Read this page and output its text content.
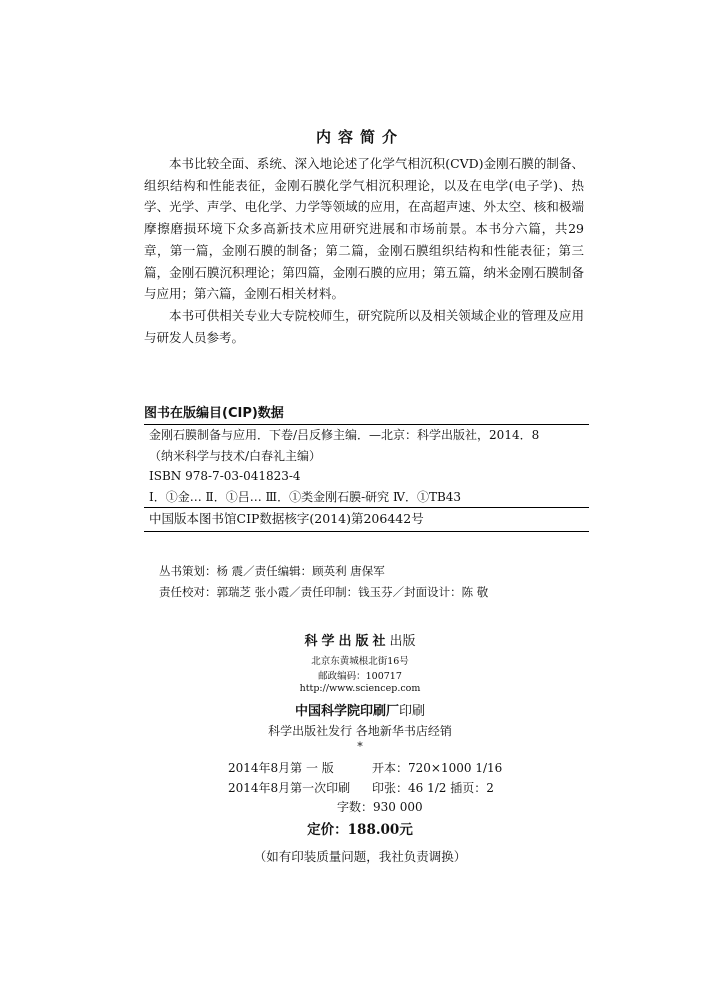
内容简介

本书比较全面、系统、深入地论述了化学气相沉积(CVD)金刚石膜的制备、组织结构和性能表征，金刚石膜化学气相沉积理论，以及在电学(电子学)、热学、光学、声学、电化学、力学等领域的应用，在高超声速、外太空、核和极端摩擦磨损环境下众多高新技术应用研究进展和市场前景。本书分六篇，共29章，第一篇，金刚石膜的制备；第二篇，金刚石膜组织结构和性能表征；第三篇，金刚石膜沉积理论；第四篇，金刚石膜的应用；第五篇，纳米金刚石膜制备与应用；第六篇，金刚石相关材料。

本书可供相关专业大专院校师生，研究院所以及相关领域企业的管理及应用与研发人员参考。

图书在版编目(CIP)数据
金刚石膜制备与应用．下卷/吕反修主编．—北京：科学出版社，2014．8
（纳米科学与技术/白春礼主编）
ISBN 978-7-03-041823-4
Ⅰ．①金… Ⅱ．①吕… Ⅲ．①类金刚石膜-研究 Ⅳ．①TB43
中国版本图书馆CIP数据核字(2014)第206442号
丛书策划：杨 震／责任编辑：顾英利 唐保军
责任校对：郭瑞芝 张小霞／责任印制：钱玉芬／封面设计：陈 敬
科学出版社出版
北京东黄城根北街16号
邮政编码：100717
http://www.sciencep.com
中国科学院印刷厂印刷
科学出版社发行 各地新华书店经销
*
2014年8月第 一 版
2014年8月第一次印刷
开本：720×1000 1/16
印张：46 1/2 插页：2
字数：930 000
定价：188.00元
（如有印装质量问题，我社负责调换）
